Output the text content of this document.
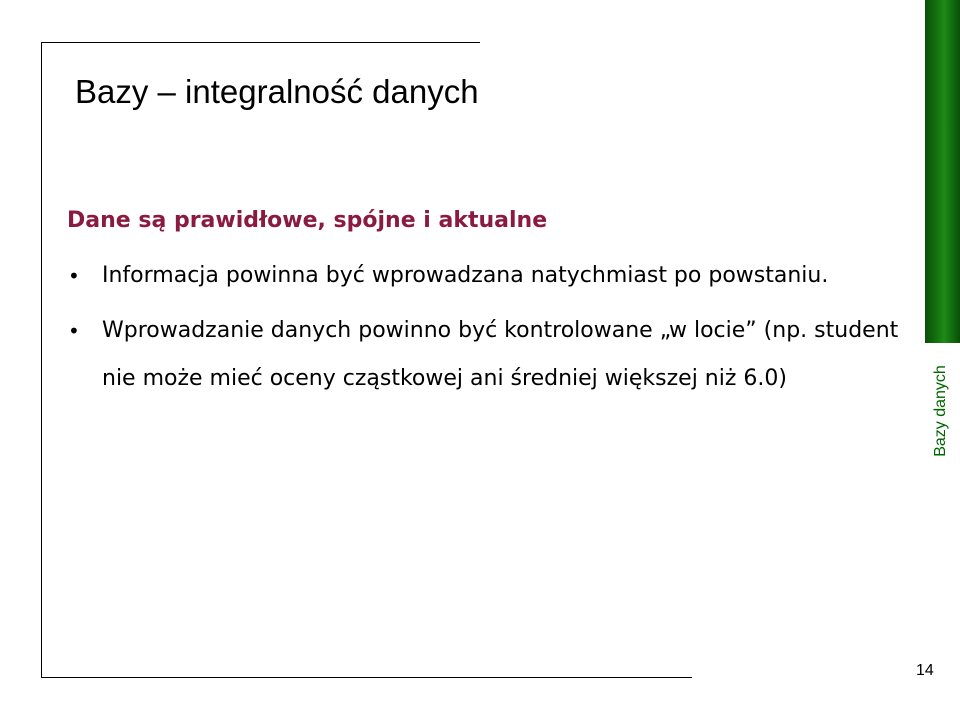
Bazy danych
Bazy – integralność danych

Dane są prawidłowe, spójne i aktualne

• Informacja powinna być wprowadzana natychmiast po powstaniu.
• Wprowadzanie danych powinno być kontrolowane „w locie” (np. student nie może mieć oceny cząstkowej ani średniej większej niż 6.0)
14
